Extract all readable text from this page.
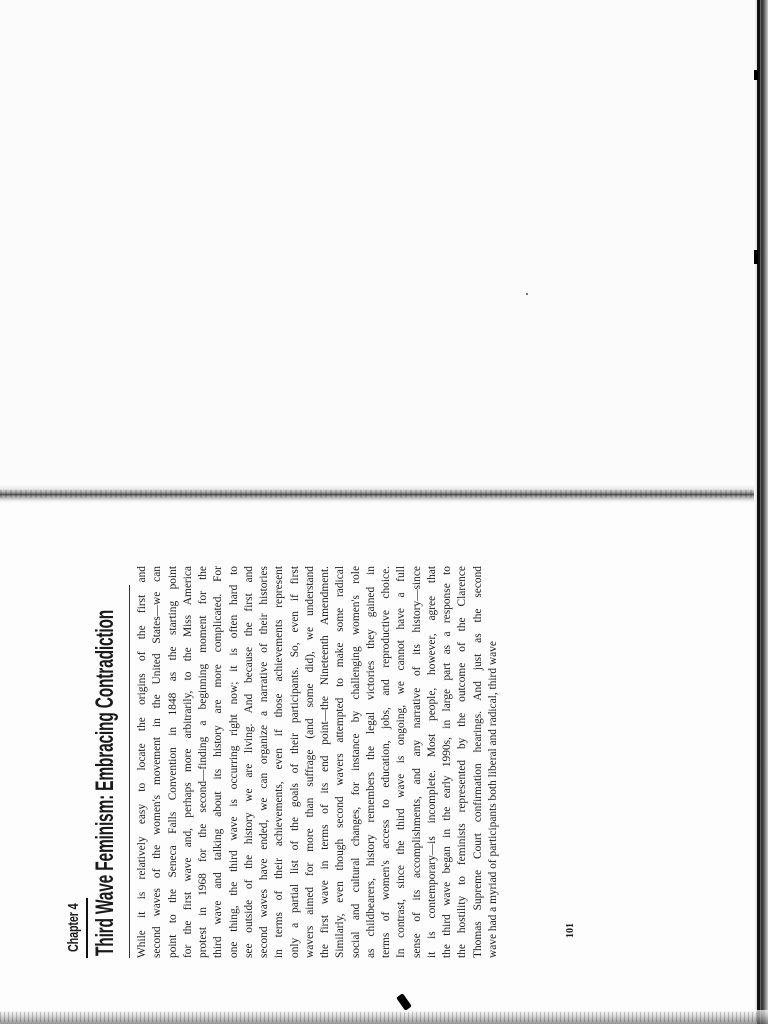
Chapter 4 Third Wave Feminism: Embracing Contradiction While it is relatively easy to locate the origins of the first and second waves of the women's movement in the United States—we can point to the Seneca Falls Convention in 1848 as the starting point for the first wave and, perhaps more arbitrarily, to the Miss America protest in 1968 for the second—finding a beginning moment for the third wave and talking about its history are more complicated. For one thing, the third wave is occurring right now; it is often hard to see outside of the history we are living. And because the first and second waves have ended, we can organize a narrative of their histories in terms of their achievements, even if those achievements represent only a partial list of the goals of their participants. So, even if first wavers aimed for more than suffrage (and some did), we understand the first wave in terms of its end point—the Nineteenth Amendment. Similarly, even though second wavers attempted to make some radical social and cultural changes, for instance by challenging women's role as childbearers, history remembers the legal victories they gained in terms of women's access to education, jobs, and reproductive choice. In contrast, since the third wave is ongoing, we cannot have a full sense of its accomplishments, and any narrative of its history—since it is contemporary—is incomplete. Most people, however, agree that the third wave began in the early 1990s, in large part as a response to the hostility to feminists represented by the outcome of the Clarence Thomas Supreme Court confirmation hearings. And just as the second wave had a myriad of participants both liberal and radical, third wave	101
